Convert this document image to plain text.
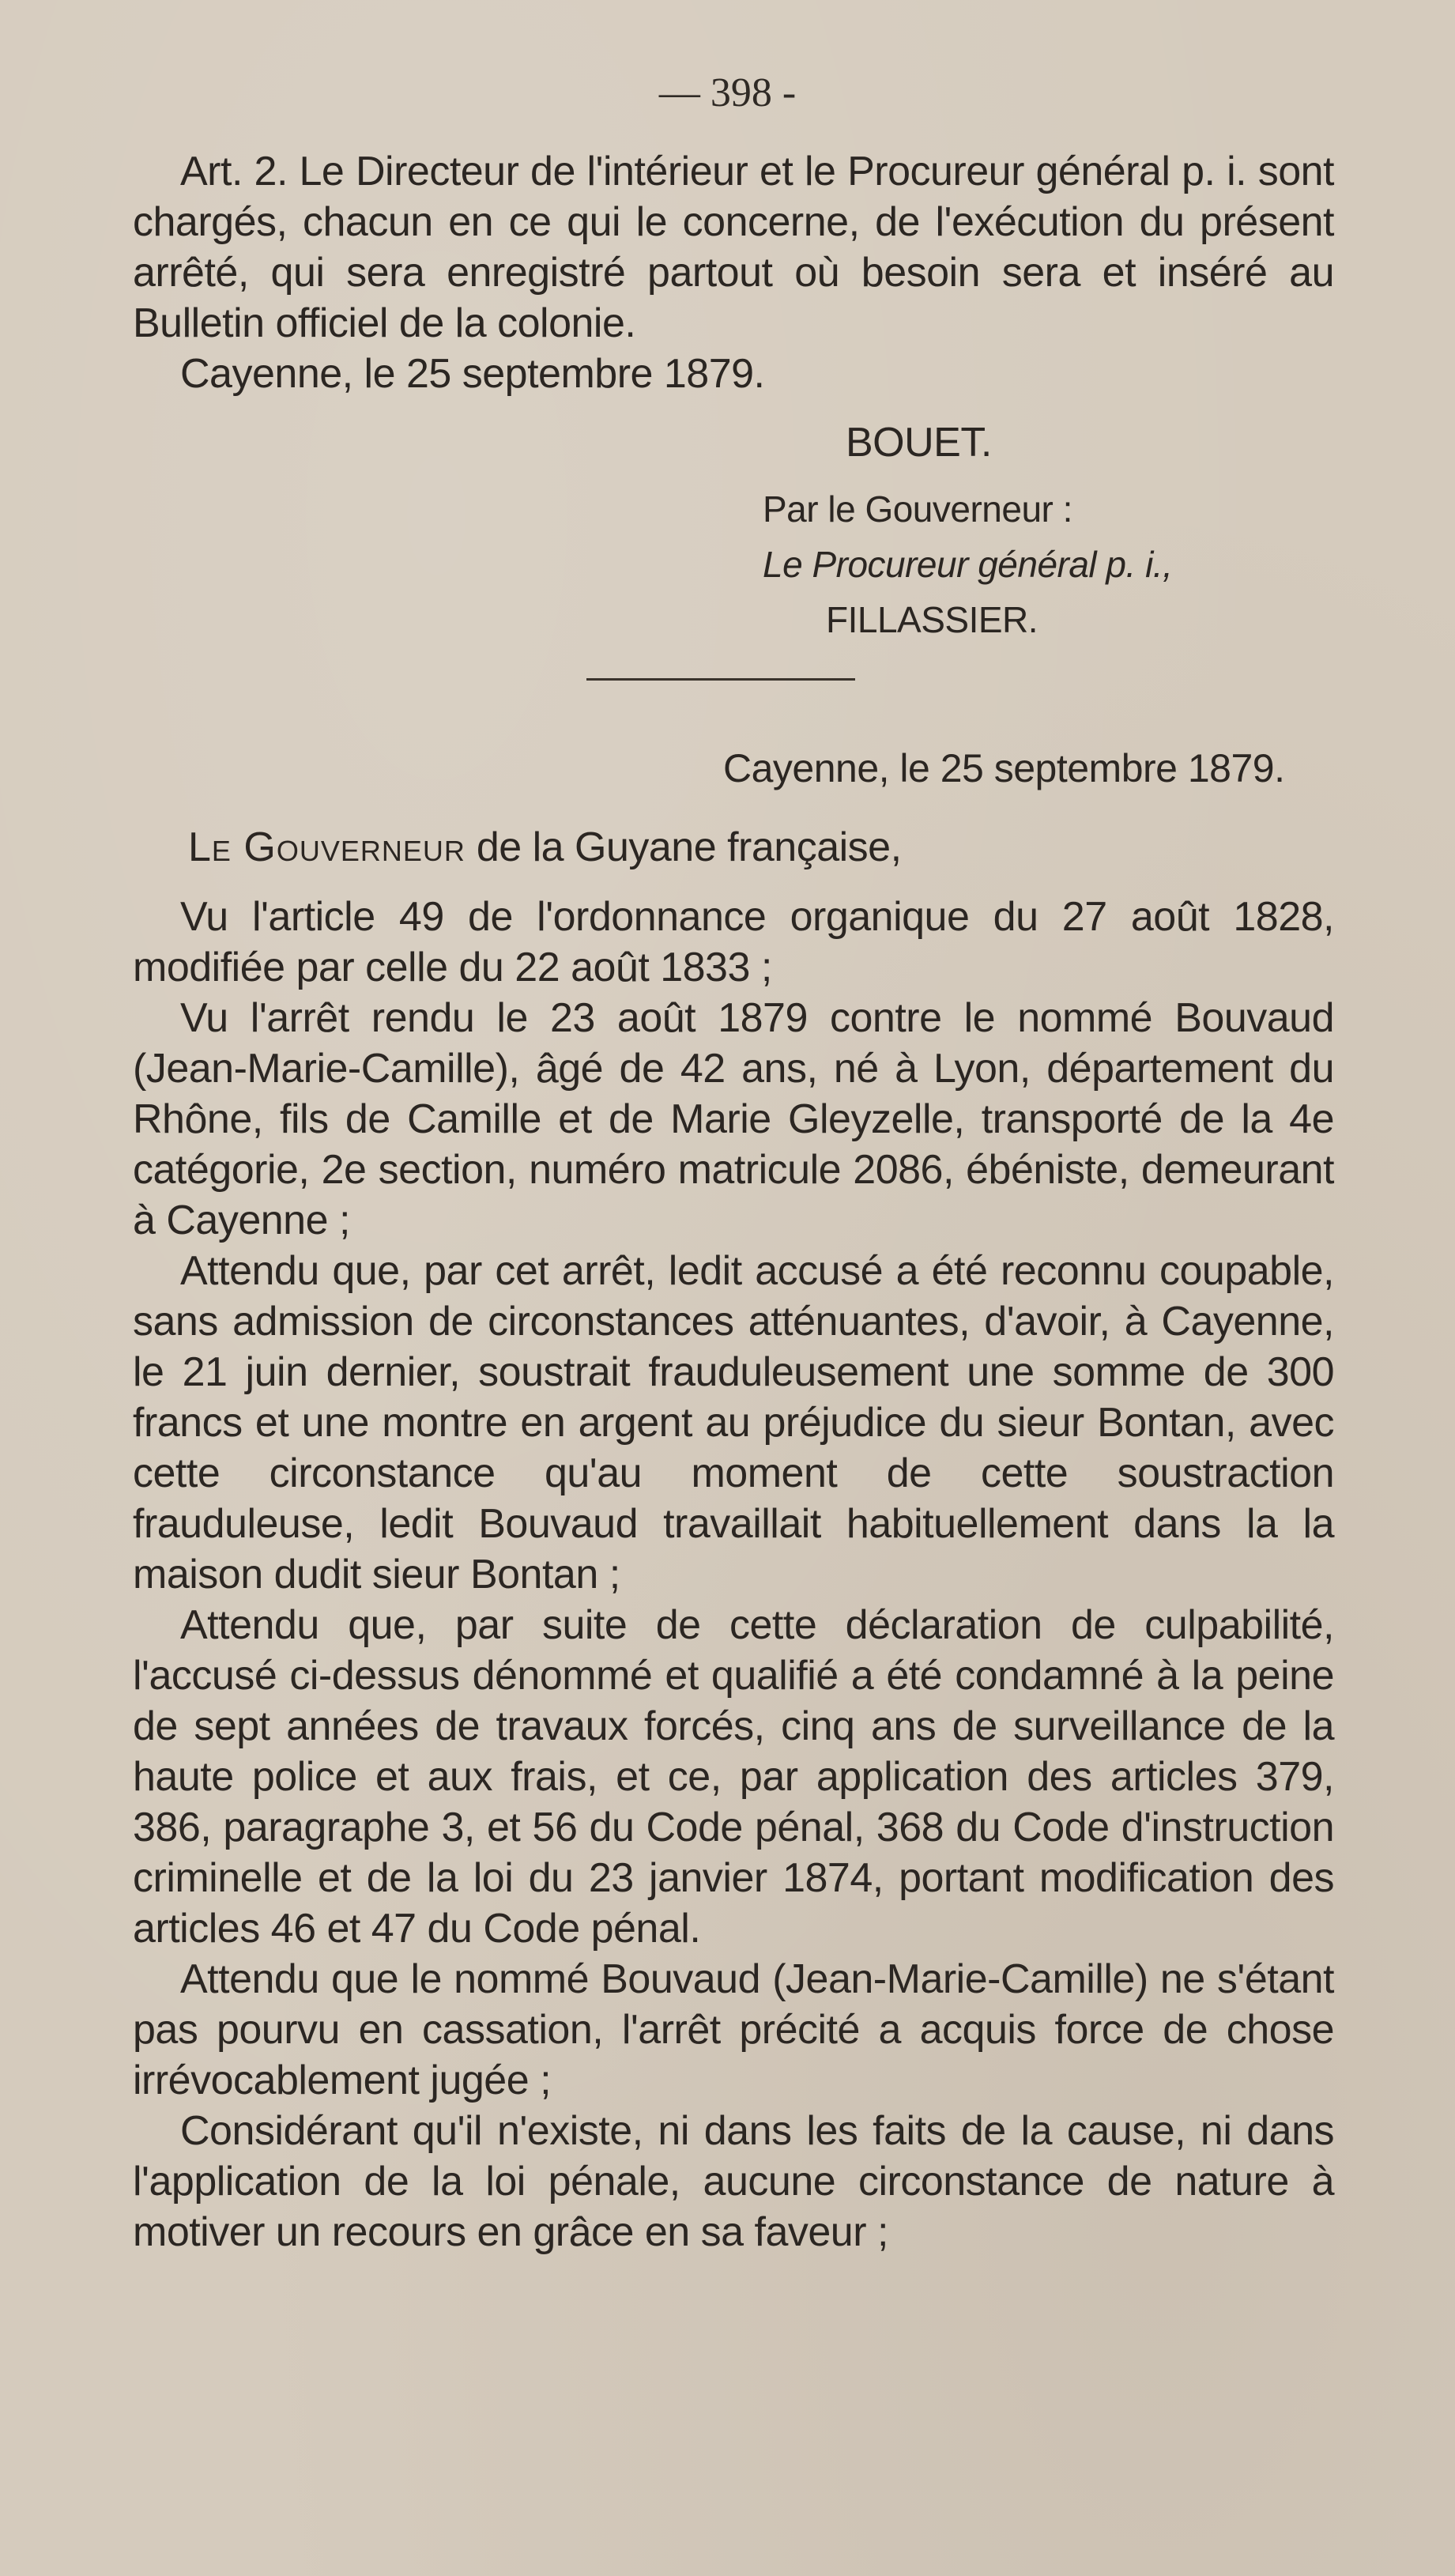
— 398 -

Art. 2. Le Directeur de l'intérieur et le Procureur général p. i. sont chargés, chacun en ce qui le concerne, de l'exécution du présent arrêté, qui sera enregistré partout où besoin sera et inséré au Bulletin officiel de la colonie.

Cayenne, le 25 septembre 1879.

BOUET.
Par le Gouverneur :
Le Procureur général p. i.,
FILLASSIER.
Cayenne, le 25 septembre 1879.

Le Gouverneur de la Guyane française,

Vu l'article 49 de l'ordonnance organique du 27 août 1828, modifiée par celle du 22 août 1833 ;

Vu l'arrêt rendu le 23 août 1879 contre le nommé Bouvaud (Jean-Marie-Camille), âgé de 42 ans, né à Lyon, département du Rhône, fils de Camille et de Marie Gleyzelle, transporté de la 4e catégorie, 2e section, numéro matricule 2086, ébéniste, demeurant à Cayenne ;

Attendu que, par cet arrêt, ledit accusé a été reconnu coupable, sans admission de circonstances atténuantes, d'avoir, à Cayenne, le 21 juin dernier, soustrait frauduleusement une somme de 300 francs et une montre en argent au préjudice du sieur Bontan, avec cette circonstance qu'au moment de cette soustraction frauduleuse, ledit Bouvaud travaillait habituellement dans la la maison dudit sieur Bontan ;

Attendu que, par suite de cette déclaration de culpabilité, l'accusé ci-dessus dénommé et qualifié a été condamné à la peine de sept années de travaux forcés, cinq ans de surveillance de la haute police et aux frais, et ce, par application des articles 379, 386, paragraphe 3, et 56 du Code pénal, 368 du Code d'instruction criminelle et de la loi du 23 janvier 1874, portant modification des articles 46 et 47 du Code pénal.

Attendu que le nommé Bouvaud (Jean-Marie-Camille) ne s'étant pas pourvu en cassation, l'arrêt précité a acquis force de chose irrévocablement jugée ;

Considérant qu'il n'existe, ni dans les faits de la cause, ni dans l'application de la loi pénale, aucune circonstance de nature à motiver un recours en grâce en sa faveur ;
